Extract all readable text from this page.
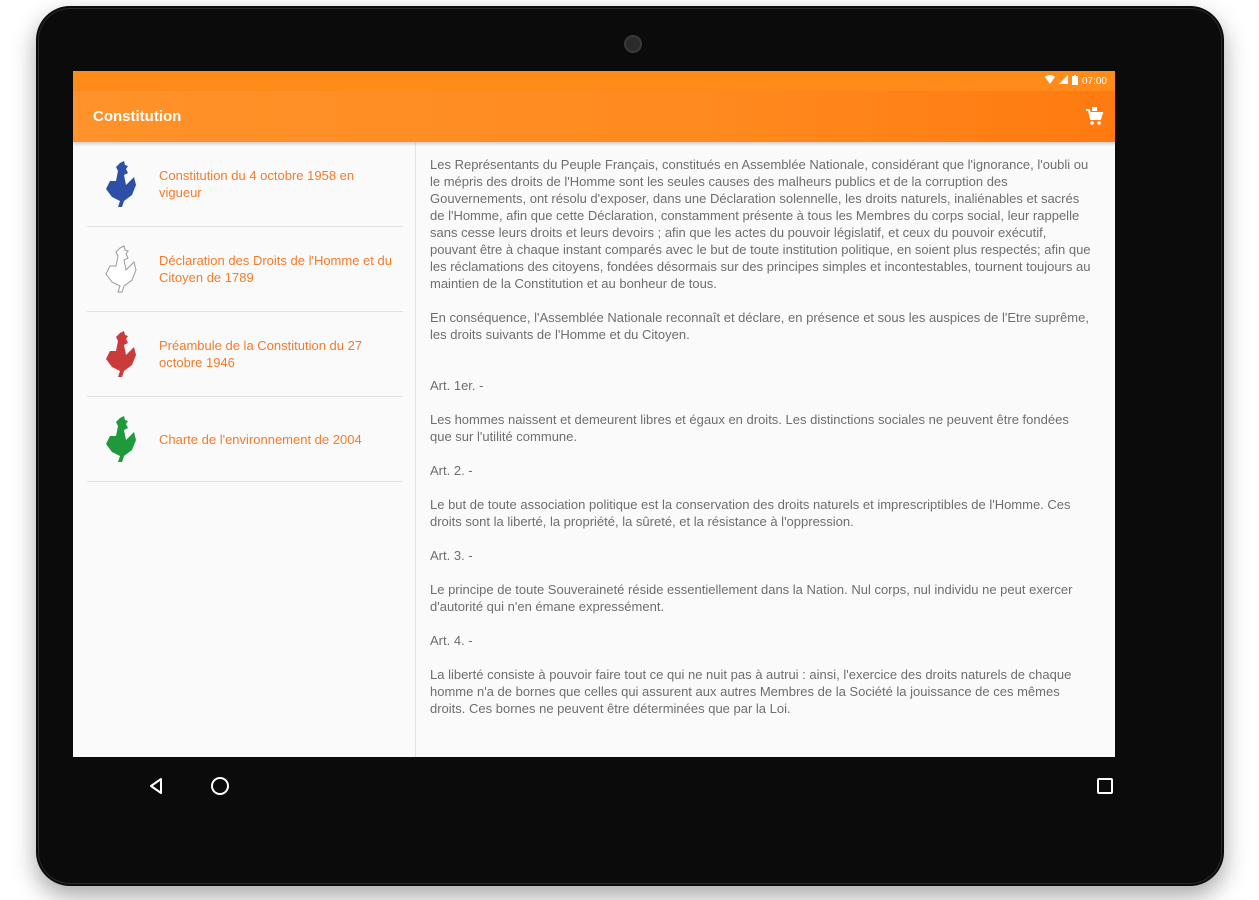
07:00
Constitution
Constitution du 4 octobre 1958 en vigueur
Déclaration des Droits de l'Homme et du Citoyen de 1789
Préambule de la Constitution du 27 octobre 1946
Charte de l'environnement de 2004

Les Représentants du Peuple Français, constitués en Assemblée Nationale, considérant que l'ignorance, l'oubli ou le mépris des droits de l'Homme sont les seules causes des malheurs publics et de la corruption des Gouvernements, ont résolu d'exposer, dans une Déclaration solennelle, les droits naturels, inaliénables et sacrés de l'Homme, afin que cette Déclaration, constamment présente à tous les Membres du corps social, leur rappelle sans cesse leurs droits et leurs devoirs ; afin que les actes du pouvoir législatif, et ceux du pouvoir exécutif, pouvant être à chaque instant comparés avec le but de toute institution politique, en soient plus respectés; afin que les réclamations des citoyens, fondées désormais sur des principes simples et incontestables, tournent toujours au maintien de la Constitution et au bonheur de tous.

En conséquence, l'Assemblée Nationale reconnaît et déclare, en présence et sous les auspices de l'Etre suprême, les droits suivants de l'Homme et du Citoyen.

Art. 1er. -

Les hommes naissent et demeurent libres et égaux en droits. Les distinctions sociales ne peuvent être fondées que sur l'utilité commune.

Art. 2. -

Le but de toute association politique est la conservation des droits naturels et imprescriptibles de l'Homme. Ces droits sont la liberté, la propriété, la sûreté, et la résistance à l'oppression.

Art. 3. -

Le principe de toute Souveraineté réside essentiellement dans la Nation. Nul corps, nul individu ne peut exercer d'autorité qui n'en émane expressément.

Art. 4. -

La liberté consiste à pouvoir faire tout ce qui ne nuit pas à autrui : ainsi, l'exercice des droits naturels de chaque homme n'a de bornes que celles qui assurent aux autres Membres de la Société la jouissance de ces mêmes droits. Ces bornes ne peuvent être déterminées que par la Loi.
